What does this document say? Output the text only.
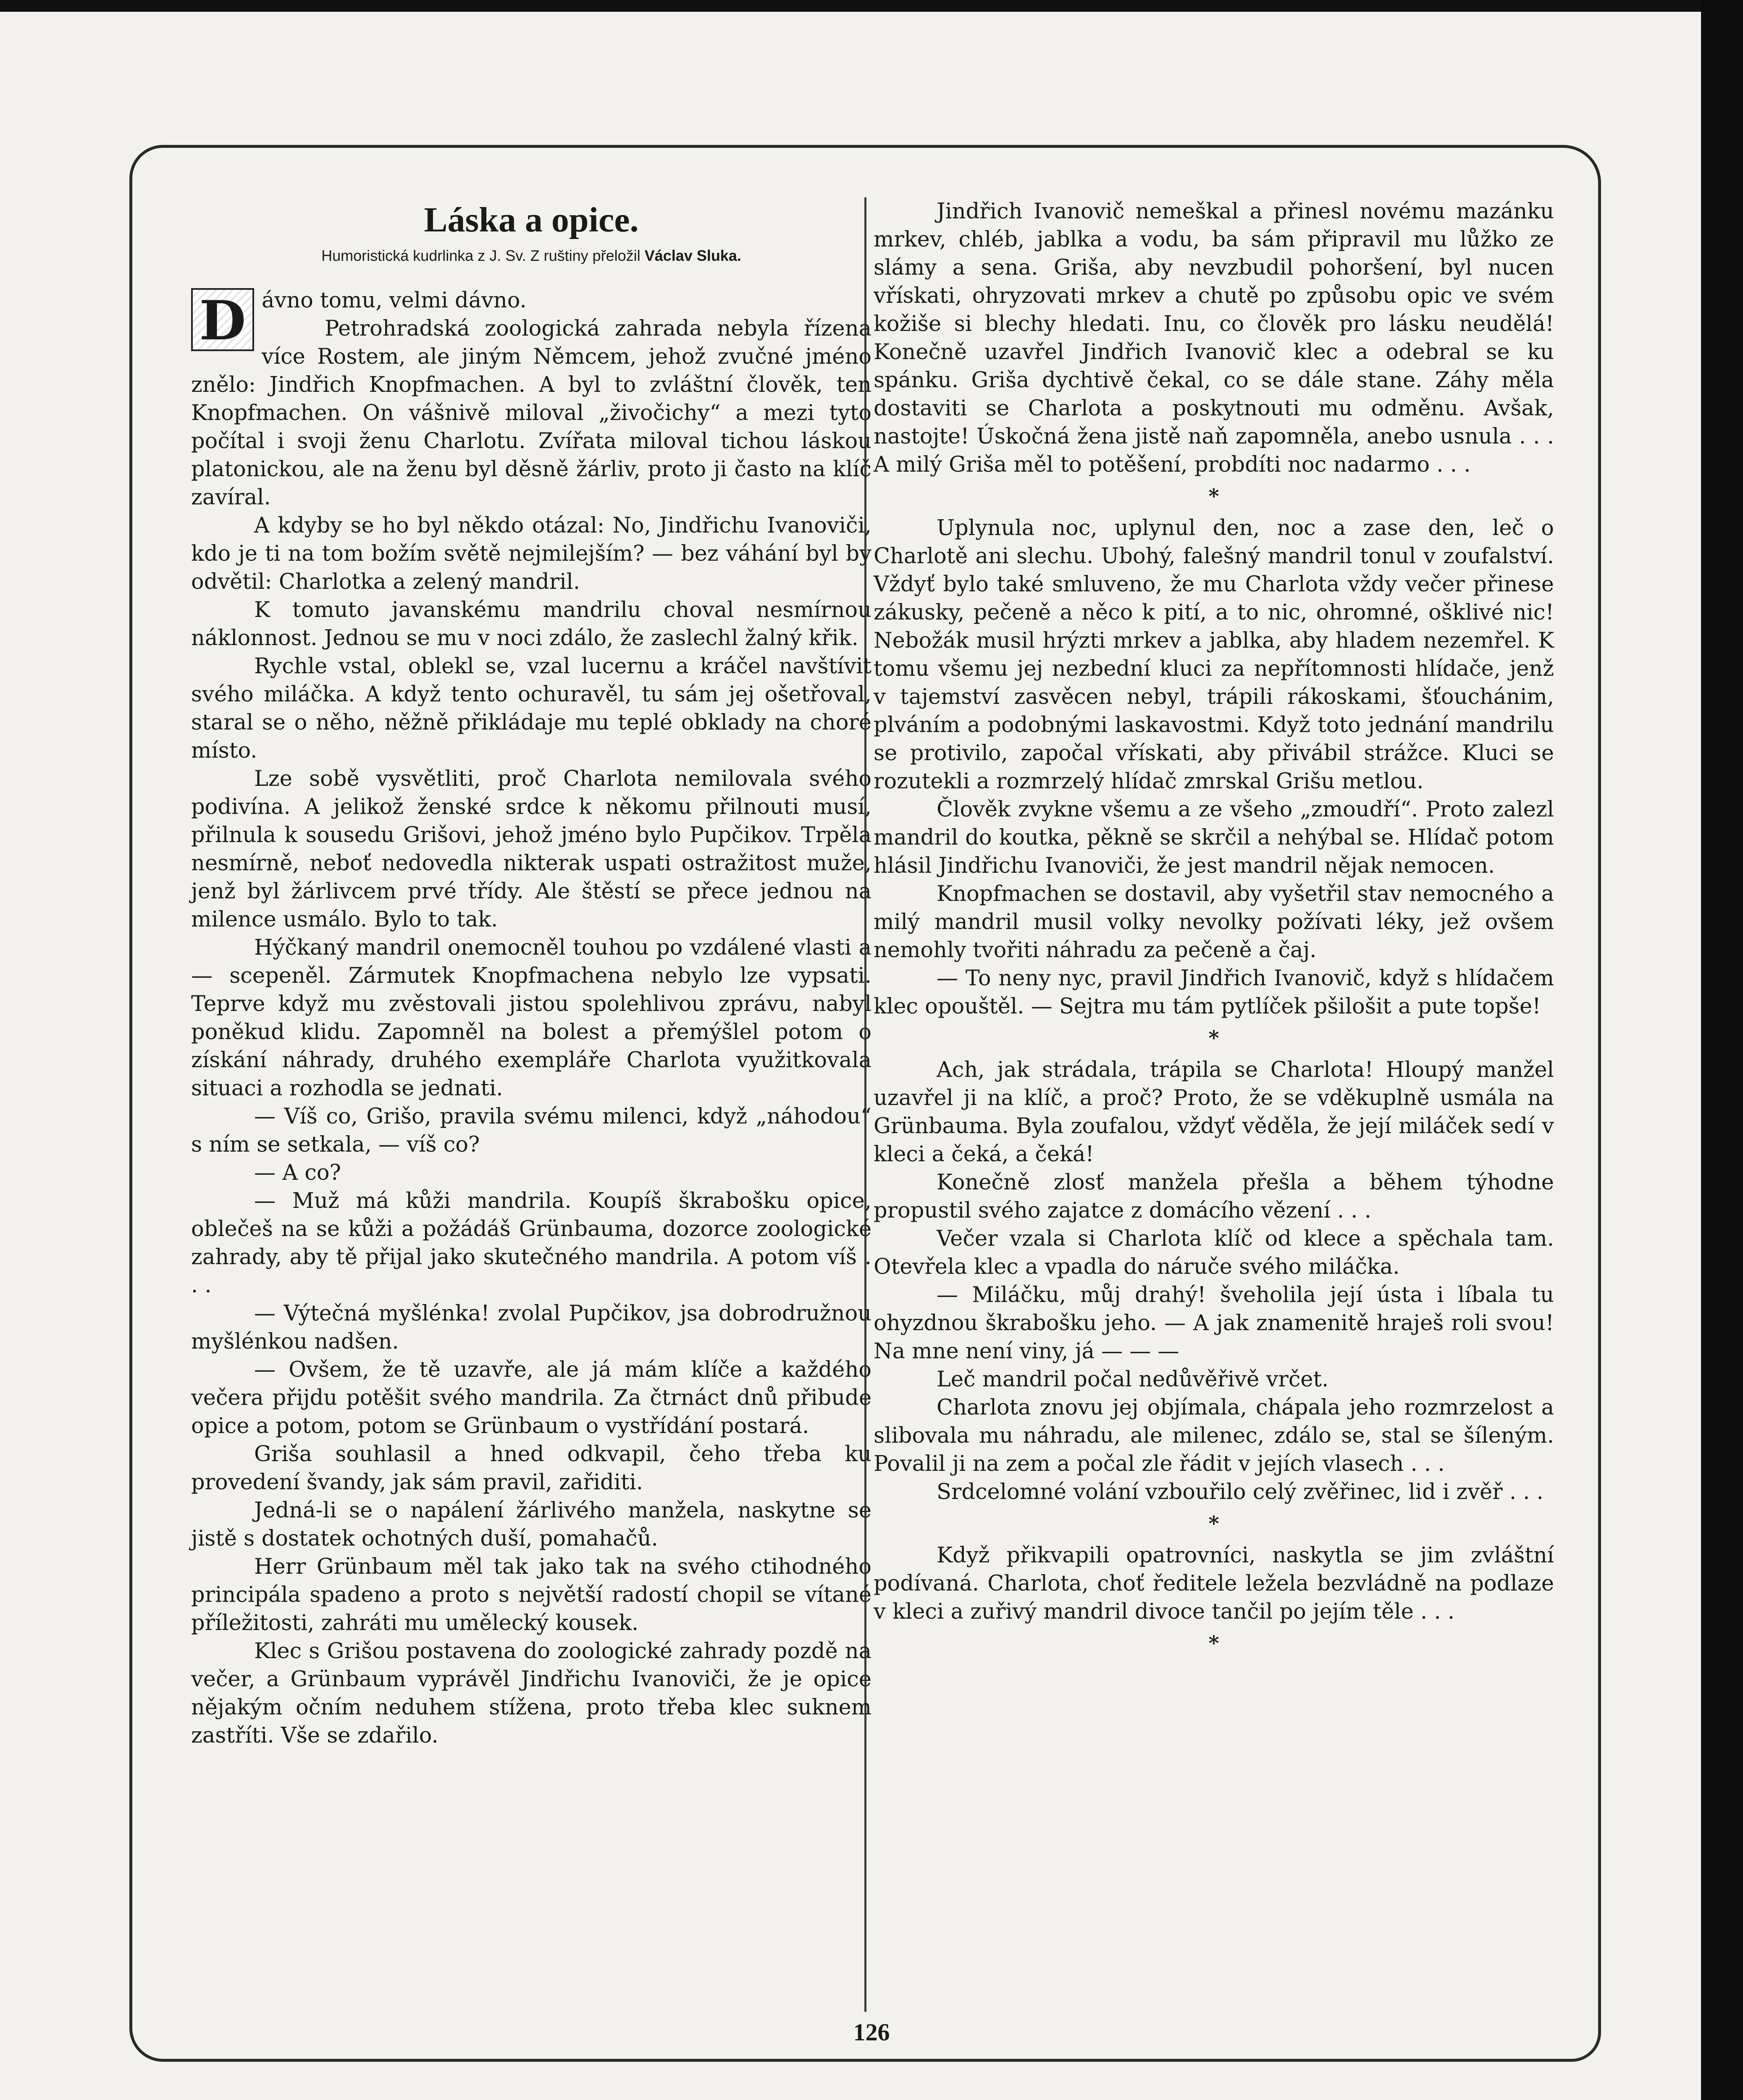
Láska a opice.
Humoristická kudrlinka z J. Sv. Z ruštiny přeložil Václav Sluka.
D ávno tomu, velmi dávno.

Petrohradská zoologická zahrada nebyla řízena více Rostem, ale jiným Němcem, jehož zvučné jméno znělo: Jindřich Knopfmachen. A byl to zvláštní člověk, ten Knopfmachen. On vášnivě miloval „živočichy“ a mezi tyto počítal i svoji ženu Charlotu. Zvířata miloval tichou láskou platonickou, ale na ženu byl děsně žárliv, proto ji často na klíč zavíral.

A kdyby se ho byl někdo otázal: No, Jindřichu Ivanoviči, kdo je ti na tom božím světě nejmilejším? — bez váhání byl by odvětil: Charlotka a zelený mandril.

K tomuto javanskému mandrilu choval nesmírnou náklonnost. Jednou se mu v noci zdálo, že zaslechl žalný křik.

Rychle vstal, oblekl se, vzal lucernu a kráčel navštívit svého miláčka. A když tento ochuravěl, tu sám jej ošetřoval, staral se o něho, něžně přikládaje mu teplé obklady na choré místo.

Lze sobě vysvětliti, proč Charlota nemilovala svého podivína. A jelikož ženské srdce k někomu přilnouti musí, přilnula k sousedu Grišovi, jehož jméno bylo Pupčikov. Trpěla nesmírně, neboť nedovedla nikterak uspati ostražitost muže, jenž byl žárlivcem prvé třídy. Ale štěstí se přece jednou na milence usmálo. Bylo to tak.

Hýčkaný mandril onemocněl touhou po vzdálené vlasti a — scepeněl. Zármutek Knopfmachena nebylo lze vypsati. Teprve když mu zvěstovali jistou spolehlivou zprávu, nabyl poněkud klidu. Zapomněl na bolest a přemýšlel potom o získání náhrady, druhého exempláře Charlota využitkovala situaci a rozhodla se jednati.

— Víš co, Grišo, pravila svému milenci, když „náhodou“ s ním se setkala, — víš co?

— A co?

— Muž má kůži mandrila. Koupíš škrabošku opice, oblečeš na se kůži a požádáš Grünbauma, dozorce zoologické zahrady, aby tě přijal jako skutečného mandrila. A potom víš . . .

— Výtečná myšlénka! zvolal Pupčikov, jsa dobrodružnou myšlénkou nadšen.

— Ovšem, že tě uzavře, ale já mám klíče a každého večera přijdu potěšit svého mandrila. Za čtrnáct dnů přibude opice a potom, potom se Grünbaum o vystřídání postará.

Griša souhlasil a hned odkvapil, čeho třeba ku provedení švandy, jak sám pravil, zařiditi.

Jedná-li se o napálení žárlivého manžela, naskytne se jistě s dostatek ochotných duší, pomahačů.

Herr Grünbaum měl tak jako tak na svého ctihodného principála spadeno a proto s největší radostí chopil se vítané příležitosti, zahráti mu umělecký kousek.

Klec s Grišou postavena do zoologické zahrady pozdě na večer, a Grünbaum vyprávěl Jindřichu Ivanoviči, že je opice nějakým očním neduhem stížena, proto třeba klec suknem zastříti. Vše se zdařilo.

Jindřich Ivanovič nemeškal a přinesl novému mazánku mrkev, chléb, jablka a vodu, ba sám připravil mu lůžko ze slámy a sena. Griša, aby nevzbudil pohoršení, byl nucen vřískati, ohryzovati mrkev a chutě po způsobu opic ve svém kožiše si blechy hledati. Inu, co člověk pro lásku neudělá! Konečně uzavřel Jindřich Ivanovič klec a odebral se ku spánku. Griša dychtivě čekal, co se dále stane. Záhy měla dostaviti se Charlota a poskytnouti mu odměnu. Avšak, nastojte! Úskočná žena jistě naň zapomněla, anebo usnula . . . A milý Griša měl to potěšení, probdíti noc nadarmo . . .

*

Uplynula noc, uplynul den, noc a zase den, leč o Charlotě ani slechu. Ubohý, falešný mandril tonul v zoufalství. Vždyť bylo také smluveno, že mu Charlota vždy večer přinese zákusky, pečeně a něco k pití, a to nic, ohromné, ošklivé nic! Nebožák musil hrýzti mrkev a jablka, aby hladem nezemřel. K tomu všemu jej nezbední kluci za nepřítomnosti hlídače, jenž v tajemství zasvěcen nebyl, trápili rákoskami, šťouchánim, plváním a podobnými laskavostmi. Když toto jednání mandrilu se protivilo, započal vřískati, aby přivábil strážce. Kluci se rozutekli a rozmrzelý hlídač zmrskal Grišu metlou.

Člověk zvykne všemu a ze všeho „zmoudří“. Proto zalezl mandril do koutka, pěkně se skrčil a nehýbal se. Hlídač potom hlásil Jindřichu Ivanoviči, že jest mandril nějak nemocen.

Knopfmachen se dostavil, aby vyšetřil stav nemocného a milý mandril musil volky nevolky požívati léky, jež ovšem nemohly tvořiti náhradu za pečeně a čaj.

— To neny nyc, pravil Jindřich Ivanovič, když s hlídačem klec opouštěl. — Sejtra mu tám pytlíček pšilošit a pute topše!

*

Ach, jak strádala, trápila se Charlota! Hloupý manžel uzavřel ji na klíč, a proč? Proto, že se vděkuplně usmála na Grünbauma. Byla zoufalou, vždyť věděla, že její miláček sedí v kleci a čeká, a čeká!

Konečně zlosť manžela přešla a během týhodne propustil svého zajatce z domácího vězení . . .

Večer vzala si Charlota klíč od klece a spěchala tam. Otevřela klec a vpadla do náruče svého miláčka.

— Miláčku, můj drahý! šveholila její ústa i líbala tu ohyzdnou škrabošku jeho. — A jak znamenitě hraješ roli svou! Na mne není viny, já — — —

Leč mandril počal nedůvěřivě vrčet.

Charlota znovu jej objímala, chápala jeho rozmrzelost a slibovala mu náhradu, ale milenec, zdálo se, stal se šíleným. Povalil ji na zem a počal zle řádit v jejích vlasech . . .

Srdcelomné volání vzbouřilo celý zvěřinec, lid i zvěř . . .

*

Když přikvapili opatrovníci, naskytla se jim zvláštní podívaná. Charlota, choť ředitele ležela bezvládně na podlaze v kleci a zuřivý mandril divoce tančil po jejím těle . . .

*

126
